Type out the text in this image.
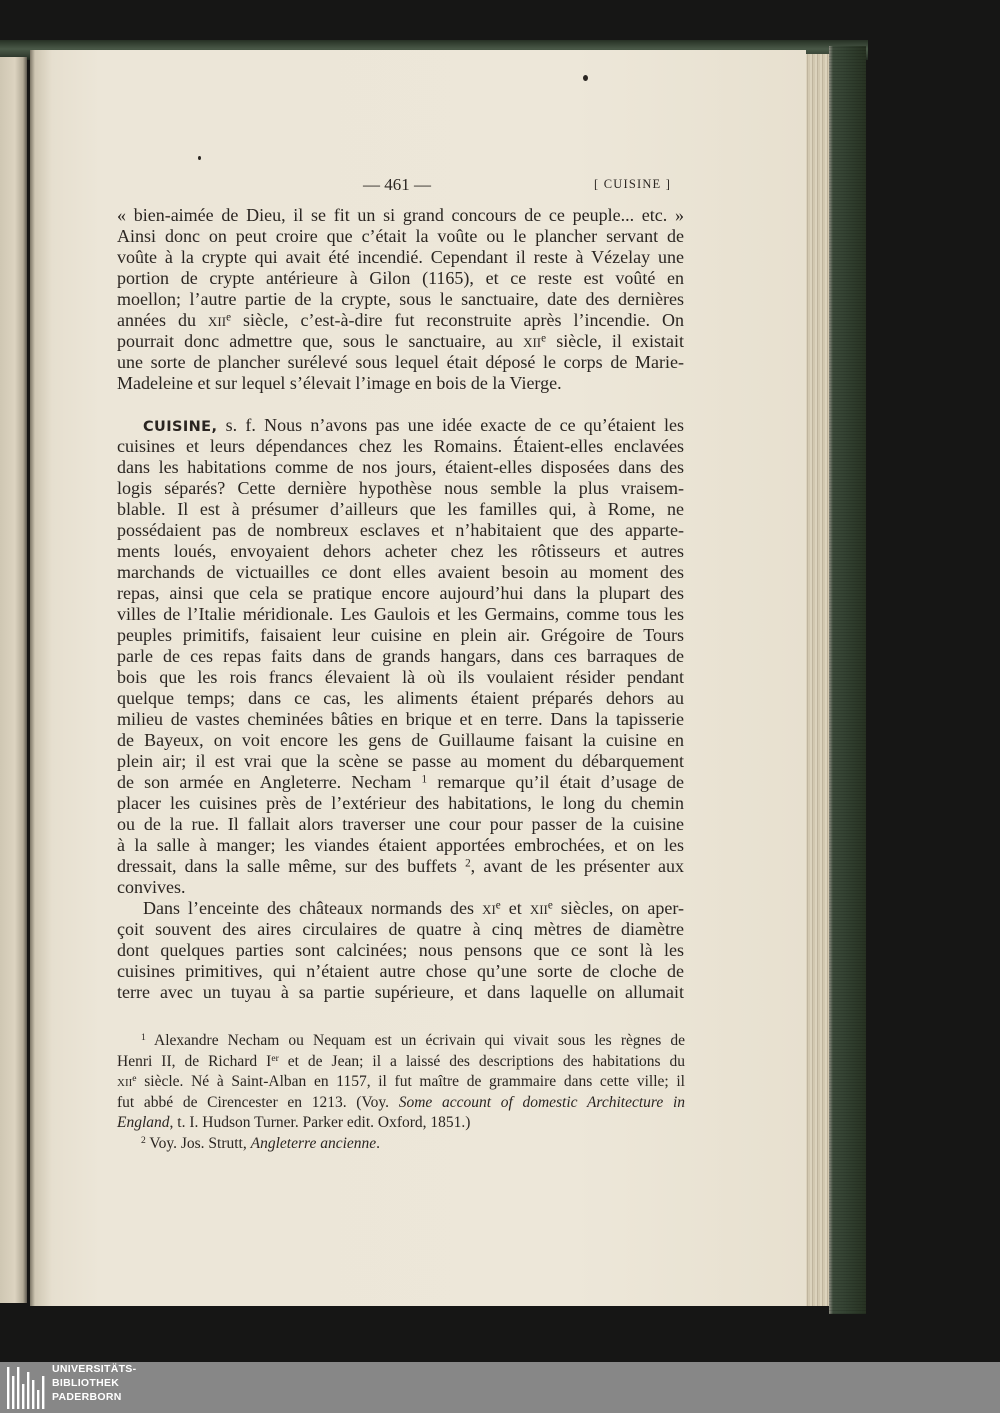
— 461 —	[ CUISINE ]
« bien-aimée de Dieu, il se fit un si grand concours de ce peuple... etc. »
Ainsi donc on peut croire que c’était la voûte ou le plancher servant de
voûte à la crypte qui avait été incendié. Cependant il reste à Vézelay une
portion de crypte antérieure à Gilon (1165), et ce reste est voûté en
moellon; l’autre partie de la crypte, sous le sanctuaire, date des dernières
années du xii$^e$ siècle, c’est-à-dire fut reconstruite après l’incendie. On
pourrait donc admettre que, sous le sanctuaire, au xii$^e$ siècle, il existait
une sorte de plancher surélevé sous lequel était déposé le corps de Marie-
Madeleine et sur lequel s’élevait l’image en bois de la Vierge.
CUISINE, s. f. Nous n’avons pas une idée exacte de ce qu’étaient les
cuisines et leurs dépendances chez les Romains. Étaient-elles enclavées
dans les habitations comme de nos jours, étaient-elles disposées dans des
logis séparés? Cette dernière hypothèse nous semble la plus vraisem-
blable. Il est à présumer d’ailleurs que les familles qui, à Rome, ne
possédaient pas de nombreux esclaves et n’habitaient que des apparte-
ments loués, envoyaient dehors acheter chez les rôtisseurs et autres
marchands de victuailles ce dont elles avaient besoin au moment des
repas, ainsi que cela se pratique encore aujourd’hui dans la plupart des
villes de l’Italie méridionale. Les Gaulois et les Germains, comme tous les
peuples primitifs, faisaient leur cuisine en plein air. Grégoire de Tours
parle de ces repas faits dans de grands hangars, dans ces barraques de
bois que les rois francs élevaient là où ils voulaient résider pendant
quelque temps; dans ce cas, les aliments étaient préparés dehors au
milieu de vastes cheminées bâties en brique et en terre. Dans la tapisserie
de Bayeux, on voit encore les gens de Guillaume faisant la cuisine en
plein air; il est vrai que la scène se passe au moment du débarquement
de son armée en Angleterre. Necham $^1$ remarque qu’il était d’usage de
placer les cuisines près de l’extérieur des habitations, le long du chemin
ou de la rue. Il fallait alors traverser une cour pour passer de la cuisine
à la salle à manger; les viandes étaient apportées embrochées, et on les
dressait, dans la salle même, sur des buffets $^2$, avant de les présenter aux
convives.
Dans l’enceinte des châteaux normands des $xi^e$ et xii$^e$ siècles, on aper-
çoit souvent des aires circulaires de quatre à cinq mètres de diamètre
dont quelques parties sont calcinées; nous pensons que ce sont là les
cuisines primitives, qui n’étaient autre chose qu’une sorte de cloche de
terre avec un tuyau à sa partie supérieure, et dans laquelle on allumait
$^1$ Alexandre Necham ou Nequam est un écrivain qui vivait sous les règnes de
Henri II, de Richard Ier et de Jean; il a laissé des descriptions des habitations du
xii$^e$ siècle. Né à Saint-Alban en 1157, il fut maître de grammaire dans cette ville; il
fut abbé de Cirencester en 1213. (Voy. Some account of domestic Architecture in
England, t. I. Hudson Turner. Parker edit. Oxford, 1851.)
$^2$ Voy. Jos. Strutt, Angleterre ancienne.
UNIVERSITÄTS-
BIBLIOTHEK
PADERBORN
